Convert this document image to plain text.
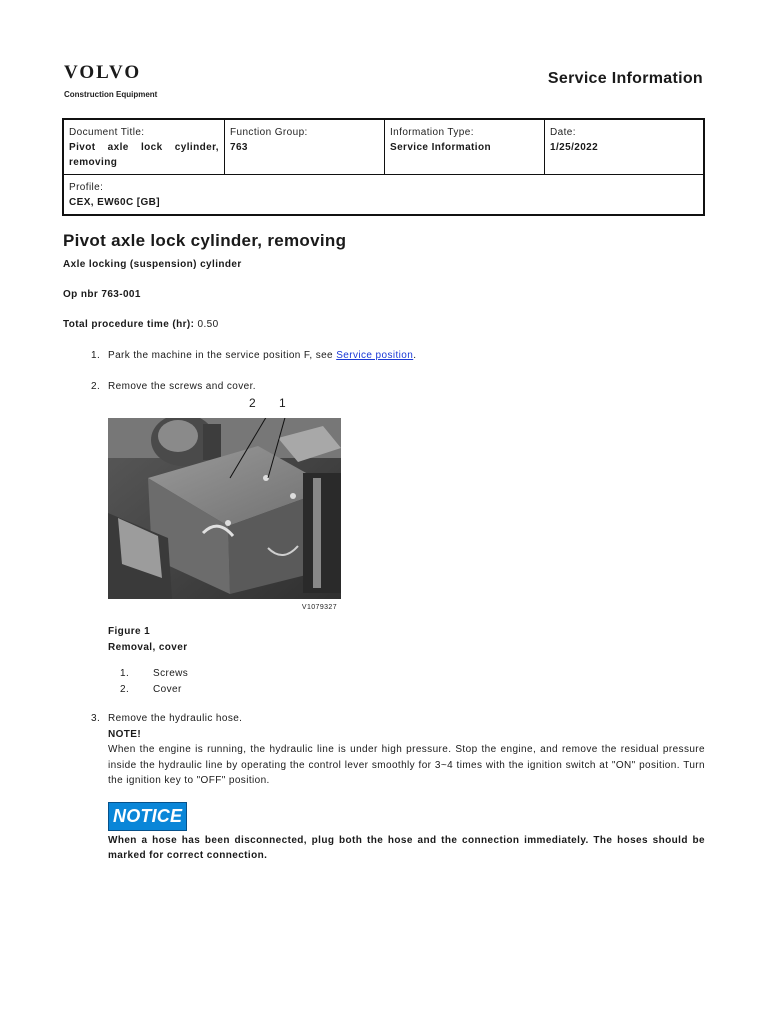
VOLVO
Construction Equipment
Service Information
Document Title:
Pivot axle lock cylinder, removing

Function Group:
763

Information Type:
Service Information

Date:
1/25/2022

Profile:
CEX, EW60C [GB]
Pivot axle lock cylinder, removing
Axle locking (suspension) cylinder
Op nbr 763-001
Total procedure time (hr): 0.50
1. Park the machine in the service position F, see Service position.
2. Remove the screws and cover.
2 1
V1079327
Figure 1
Removal, cover
1. Screws
2. Cover
3. Remove the hydraulic hose.
NOTE!
When the engine is running, the hydraulic line is under high pressure. Stop the engine, and remove the residual pressure inside the hydraulic line by operating the control lever smoothly for 3~4 times with the ignition switch at "ON" position. Turn the ignition key to "OFF" position.
NOTICE
When a hose has been disconnected, plug both the hose and the connection immediately. The hoses should be marked for correct connection.
